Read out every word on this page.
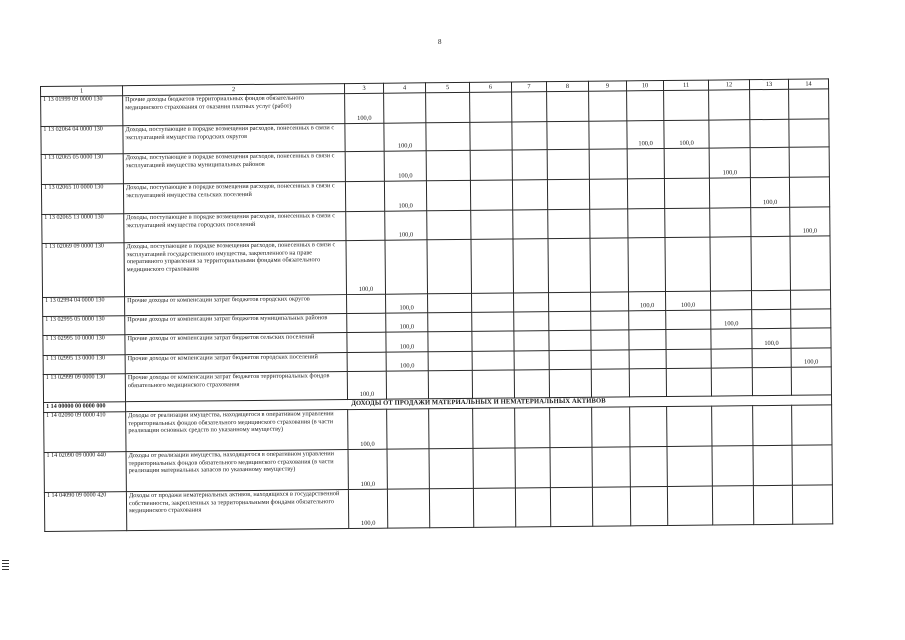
8
1	2	3	4	5	6	7	8	9	10	11	12	13	14
1 13 01999 09 0000 130	Прочие доходы бюджетов территориальных фондов обязательного медицинского страхования от оказания платных услуг (работ)	100,0											
1 13 02064 04 0000 130	Доходы, поступающие в порядке возмещения расходов, понесенных в связи с эксплуатацией имущества городских округов		100,0						100,0	100,0			
1 13 02065 05 0000 130	Доходы, поступающие в порядке возмещения расходов, понесенных в связи с эксплуатацией имущества муниципальных районов		100,0								100,0		
1 13 02065 10 0000 130	Доходы, поступающие в порядке возмещения расходов, понесенных в связи с эксплуатацией имущества сельских поселений		100,0									100,0	
1 13 02065 13 0000 130	Доходы, поступающие в порядке возмещения расходов, понесенных в связи с эксплуатацией имущества городских поселений		100,0										100,0
1 13 02069 09 0000 130	Доходы, поступающие в порядке возмещения расходов, понесенных в связи с эксплуатацией государственного имущества, закрепленного на праве оперативного управления за территориальными фондами обязательного медицинского страхования	100,0											
1 13 02994 04 0000 130	Прочие доходы от компенсации затрат бюджетов городских округов		100,0						100,0	100,0			
1 13 02995 05 0000 130	Прочие доходы от компенсации затрат бюджетов муниципальных районов		100,0								100,0		
1 13 02995 10 0000 130	Прочие доходы от компенсации затрат бюджетов сельских поселений		100,0									100,0	
1 13 02995 13 0000 130	Прочие доходы от компенсации затрат бюджетов городских поселений		100,0										100,0
1 13 02999 09 0000 130	Прочие доходы от компенсации затрат бюджетов территориальных фондов обязательного медицинского страхования	100,0											
1 14 00000 00 0000 000	ДОХОДЫ ОТ ПРОДАЖИ МАТЕРИАЛЬНЫХ И НЕМАТЕРИАЛЬНЫХ АКТИВОВ												
1 14 02090 09 0000 410	Доходы от реализации имущества, находящегося в оперативном управлении территориальных фондов обязательного медицинского страхования (в части реализации основных средств по указанному имуществу)	100,0											
1 14 02090 09 0000 440	Доходы от реализации имущества, находящегося в оперативном управлении территориальных фондов обязательного медицинского страхования (в части реализации материальных запасов по указанному имуществу)	100,0											
1 14 04090 09 0000 420	Доходы от продажи нематериальных активов, находящихся в государственной собственности, закрепленных за территориальными фондами обязательного медицинского страхования	100,0											
